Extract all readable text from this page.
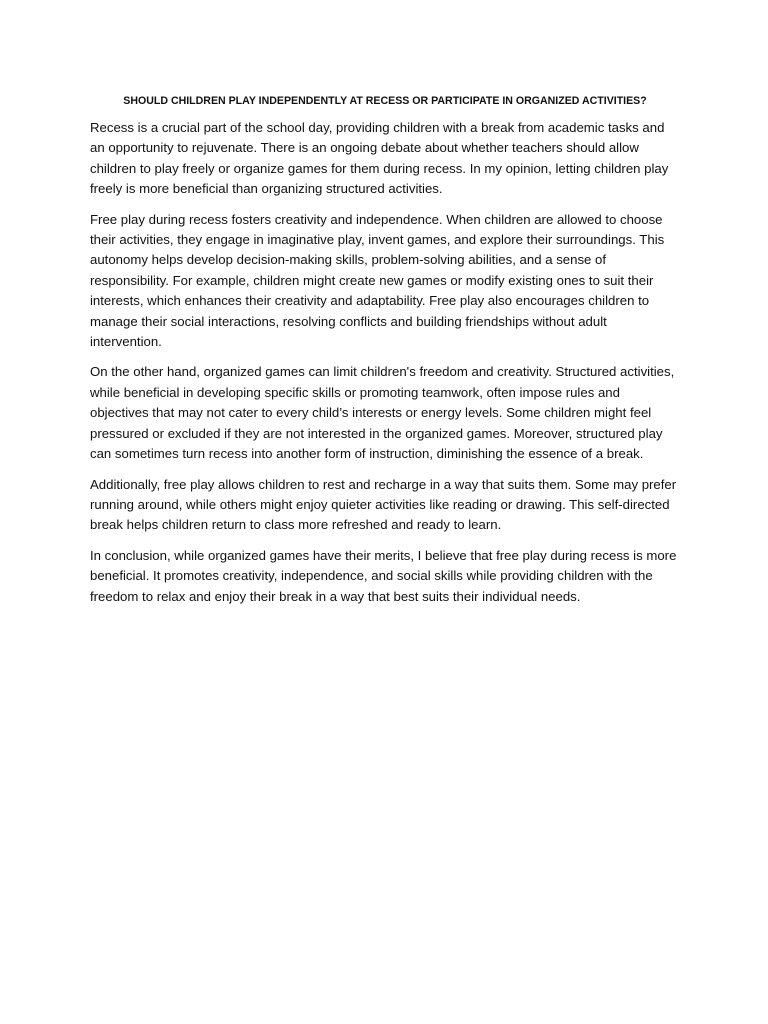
SHOULD CHILDREN PLAY INDEPENDENTLY AT RECESS OR PARTICIPATE IN ORGANIZED ACTIVITIES?

Recess is a crucial part of the school day, providing children with a break from academic tasks and an opportunity to rejuvenate. There is an ongoing debate about whether teachers should allow children to play freely or organize games for them during recess. In my opinion, letting children play freely is more beneficial than organizing structured activities.

Free play during recess fosters creativity and independence. When children are allowed to choose their activities, they engage in imaginative play, invent games, and explore their surroundings. This autonomy helps develop decision-making skills, problem-solving abilities, and a sense of responsibility. For example, children might create new games or modify existing ones to suit their interests, which enhances their creativity and adaptability. Free play also encourages children to manage their social interactions, resolving conflicts and building friendships without adult intervention.

On the other hand, organized games can limit children's freedom and creativity. Structured activities, while beneficial in developing specific skills or promoting teamwork, often impose rules and objectives that may not cater to every child’s interests or energy levels. Some children might feel pressured or excluded if they are not interested in the organized games. Moreover, structured play can sometimes turn recess into another form of instruction, diminishing the essence of a break.

Additionally, free play allows children to rest and recharge in a way that suits them. Some may prefer running around, while others might enjoy quieter activities like reading or drawing. This self-directed break helps children return to class more refreshed and ready to learn.

In conclusion, while organized games have their merits, I believe that free play during recess is more beneficial. It promotes creativity, independence, and social skills while providing children with the freedom to relax and enjoy their break in a way that best suits their individual needs.
